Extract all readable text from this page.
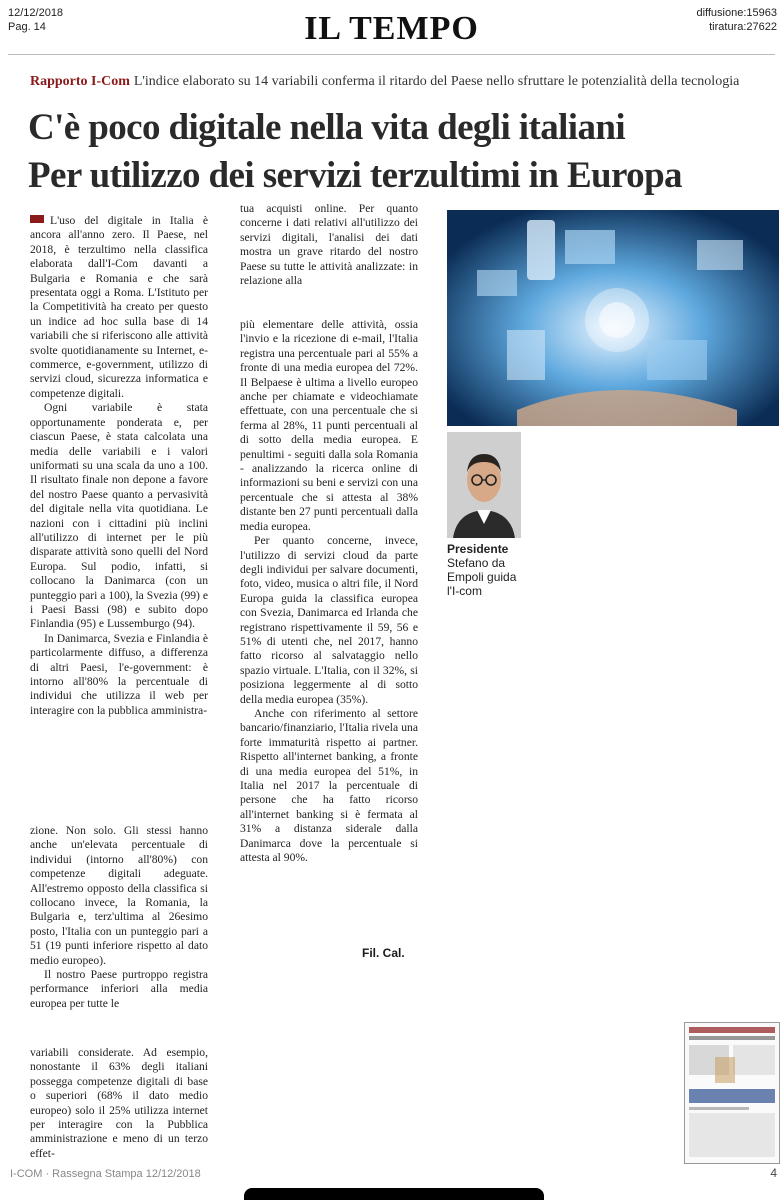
12/12/2018
Pag. 14	IL TEMPO	diffusione:15963
tiratura:27622
Rapporto I-Com L'indice elaborato su 14 variabili conferma il ritardo del Paese nello sfruttare le potenzialità della tecnologia
C'è poco digitale nella vita degli italiani
Per utilizzo dei servizi terzultimi in Europa

L'uso del digitale in Italia è ancora all'anno zero. Il Paese, nel 2018, è terzultimo nella classifica elaborata dall'I-Com davanti a Bulgaria e Romania e che sarà presentata oggi a Roma. L'Istituto per la Competitività ha creato per questo un indice ad hoc sulla base di 14 variabili che si riferiscono alle attività svolte quotidianamente su Internet, e-commerce, e-government, utilizzo di servizi cloud, sicurezza informatica e competenze digitali.

Ogni variabile è stata opportunamente ponderata e, per ciascun Paese, è stata calcolata una media delle variabili e i valori uniformati su una scala da uno a 100. Il risultato finale non depone a favore del nostro Paese quanto a pervasività del digitale nella vita quotidiana. Le nazioni con i cittadini più inclini all'utilizzo di internet per le più disparate attività sono quelli del Nord Europa. Sul podio, infatti, si collocano la Danimarca (con un punteggio pari a 100), la Svezia (99) e i Paesi Bassi (98) e subito dopo Finlandia (95) e Lussemburgo (94).

In Danimarca, Svezia e Finlandia è particolarmente diffuso, a differenza di altri Paesi, l'e-government: è intorno all'80% la percentuale di individui che utilizza il web per interagire con la pubblica amministra-

zione. Non solo. Gli stessi hanno anche un'elevata percentuale di individui (intorno all'80%) con competenze digitali adeguate. All'estremo opposto della classifica si collocano invece, la Romania, la Bulgaria e, terz'ultima al 26esimo posto, l'Italia con un punteggio pari a 51 (19 punti inferiore rispetto al dato medio europeo).

Il nostro Paese purtroppo registra performance inferiori alla media europea per tutte le

variabili considerate. Ad esempio, nonostante il 63% degli italiani possegga competenze digitali di base o superiori (68% il dato medio europeo) solo il 25% utilizza internet per interagire con la Pubblica amministrazione e meno di un terzo effet-

tua acquisti online. Per quanto concerne i dati relativi all'utilizzo dei servizi digitali, l'analisi dei dati mostra un grave ritardo del nostro Paese su tutte le attività analizzate: in relazione alla

più elementare delle attività, ossia l'invio e la ricezione di e-mail, l'Italia registra una percentuale pari al 55% a fronte di una media europea del 72%. Il Belpaese è ultima a livello europeo anche per chiamate e videochiamate effettuate, con una percentuale che si ferma al 28%, 11 punti percentuali al di sotto della media europea. E penultimi - seguiti dalla sola Romania - analizzando la ricerca online di informazioni su beni e servizi con una percentuale che si attesta al 38% distante ben 27 punti percentuali dalla media europea.

Per quanto concerne, invece, l'utilizzo di servizi cloud da parte degli individui per salvare documenti, foto, video, musica o altri file, il Nord Europa guida la classifica europea con Svezia, Danimarca ed Irlanda che registrano rispettivamente il 59, 56 e 51% di utenti che, nel 2017, hanno fatto ricorso al salvataggio nello spazio virtuale. L'Italia, con il 32%, si posiziona leggermente al di sotto della media europea (35%).

Anche con riferimento al settore bancario/finanziario, l'Italia rivela una forte immaturità rispetto ai partner. Rispetto all'internet banking, a fronte di una media europea del 51%, in Italia nel 2017 la percentuale di persone che ha fatto ricorso all'internet banking si è fermata al 31% a distanza siderale dalla Danimarca dove la percentuale si attesta al 90%.

Fil. Cal.
Presidente
Stefano da Empoli guida l'I-com
I-COM · Rassegna Stampa 12/12/2018	4
